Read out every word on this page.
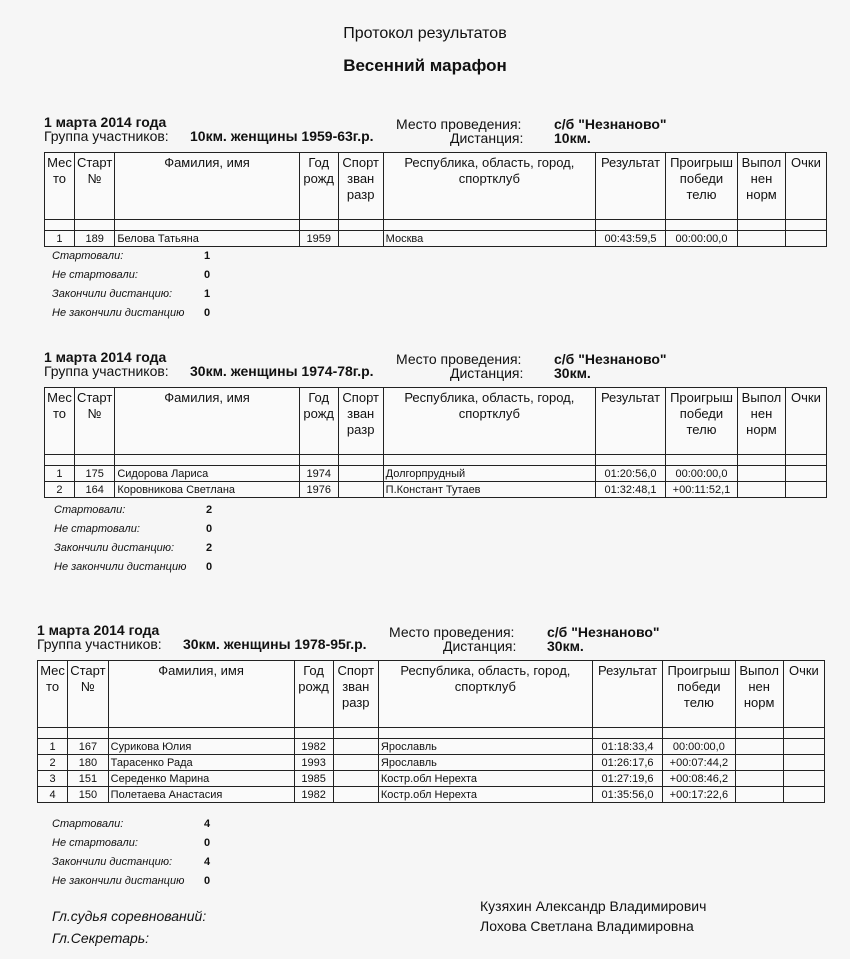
Протокол результатов
Весенний марафон
1 марта 2014 года
Группа участников: 10км. женщины 1959-63г.р.
Место проведения: с/б "Незнаново"
Дистанция: 10км.
Мес то	Старт №	Фамилия, имя	Год рожд	Спорт зван разр	Республика, область, город, спортклуб	Результат	Проигрыш победи телю	Выпол нен норм	Очки

1	189	Белова Татьяна	1959		Москва	00:43:59,5	00:00:00,0		
Стартовали:	1
Не стартовали:	0
Закончили дистанцию:	1
Не закончили дистанцию 0
1 марта 2014 года
Группа участников: 30км. женщины 1974-78г.р.
Место проведения: с/б "Незнаново"
Дистанция: 30км.
Мес то	Старт №	Фамилия, имя	Год рожд	Спорт зван разр	Республика, область, город, спортклуб	Результат	Проигрыш победи телю	Выпол нен норм	Очки

1	175	Сидорова Лариса	1974		Долгорпрудный	01:20:56,0	00:00:00,0		
2	164	Коровникова Светлана	1976		П.Констант Тутаев	01:32:48,1	+00:11:52,1		
Стартовали:	2
Не стартовали:	0
Закончили дистанцию:	2
Не закончили дистанцию 0
1 марта 2014 года
Группа участников: 30км. женщины 1978-95г.р.
Место проведения: с/б "Незнаново"
Дистанция: 30км.
Мес то	Старт №	Фамилия, имя	Год рожд	Спорт зван разр	Республика, область, город, спортклуб	Результат	Проигрыш победи телю	Выпол нен норм	Очки

1	167	Сурикова Юлия	1982		Ярославль	01:18:33,4	00:00:00,0		
2	180	Тарасенко Рада	1993		Ярославль	01:26:17,6	+00:07:44,2		
3	151	Середенко Марина	1985		Костр.обл Нерехта	01:27:19,6	+00:08:46,2		
4	150	Полетаева Анастасия	1982		Костр.обл Нерехта	01:35:56,0	+00:17:22,6		
Стартовали:	4
Не стартовали:	0
Закончили дистанцию:	4
Не закончили дистанцию 0
Гл.судья соревнований:
Кузяхин Александр Владимирович
Гл.Секретарь:
Лохова Светлана Владимировна
